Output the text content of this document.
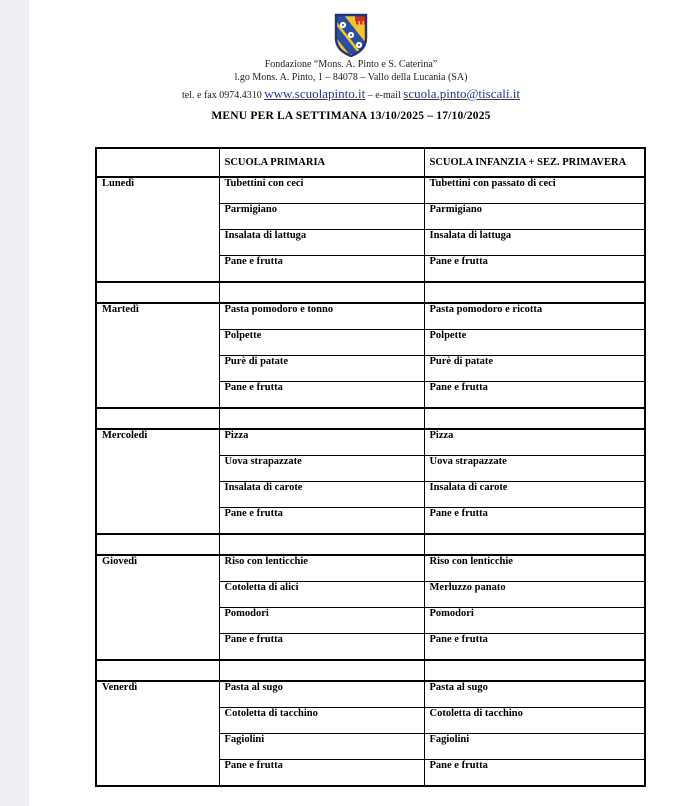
Fondazione “Mons. A. Pinto e S. Caterina”
l.go Mons. A. Pinto, 1 – 84078 – Vallo della Lucania (SA)
tel. e fax 0974.4310 www.scuolapinto.it – e-mail scuola.pinto@tiscali.it
MENU PER LA SETTIMANA 13/10/2025 – 17/10/2025
	SCUOLA PRIMARIA	SCUOLA INFANZIA + SEZ. PRIMAVERA
Lunedì	Tubettini con ceci	Tubettini con passato di ceci
	Parmigiano	Parmigiano
	Insalata di lattuga	Insalata di lattuga
	Pane e frutta	Pane e frutta

Martedì	Pasta pomodoro e tonno	Pasta pomodoro e ricotta
	Polpette	Polpette
	Purè di patate	Purè di patate
	Pane e frutta	Pane e frutta

Mercoledì	Pizza	Pizza
	Uova strapazzate	Uova strapazzate
	Insalata di carote	Insalata di carote
	Pane e frutta	Pane e frutta

Giovedì	Riso con lenticchie	Riso con lenticchie
	Cotoletta di alici	Merluzzo panato
	Pomodori	Pomodori
	Pane e frutta	Pane e frutta

Venerdì	Pasta al sugo	Pasta al sugo
	Cotoletta di tacchino	Cotoletta di tacchino
	Fagiolini	Fagiolini
	Pane e frutta	Pane e frutta
